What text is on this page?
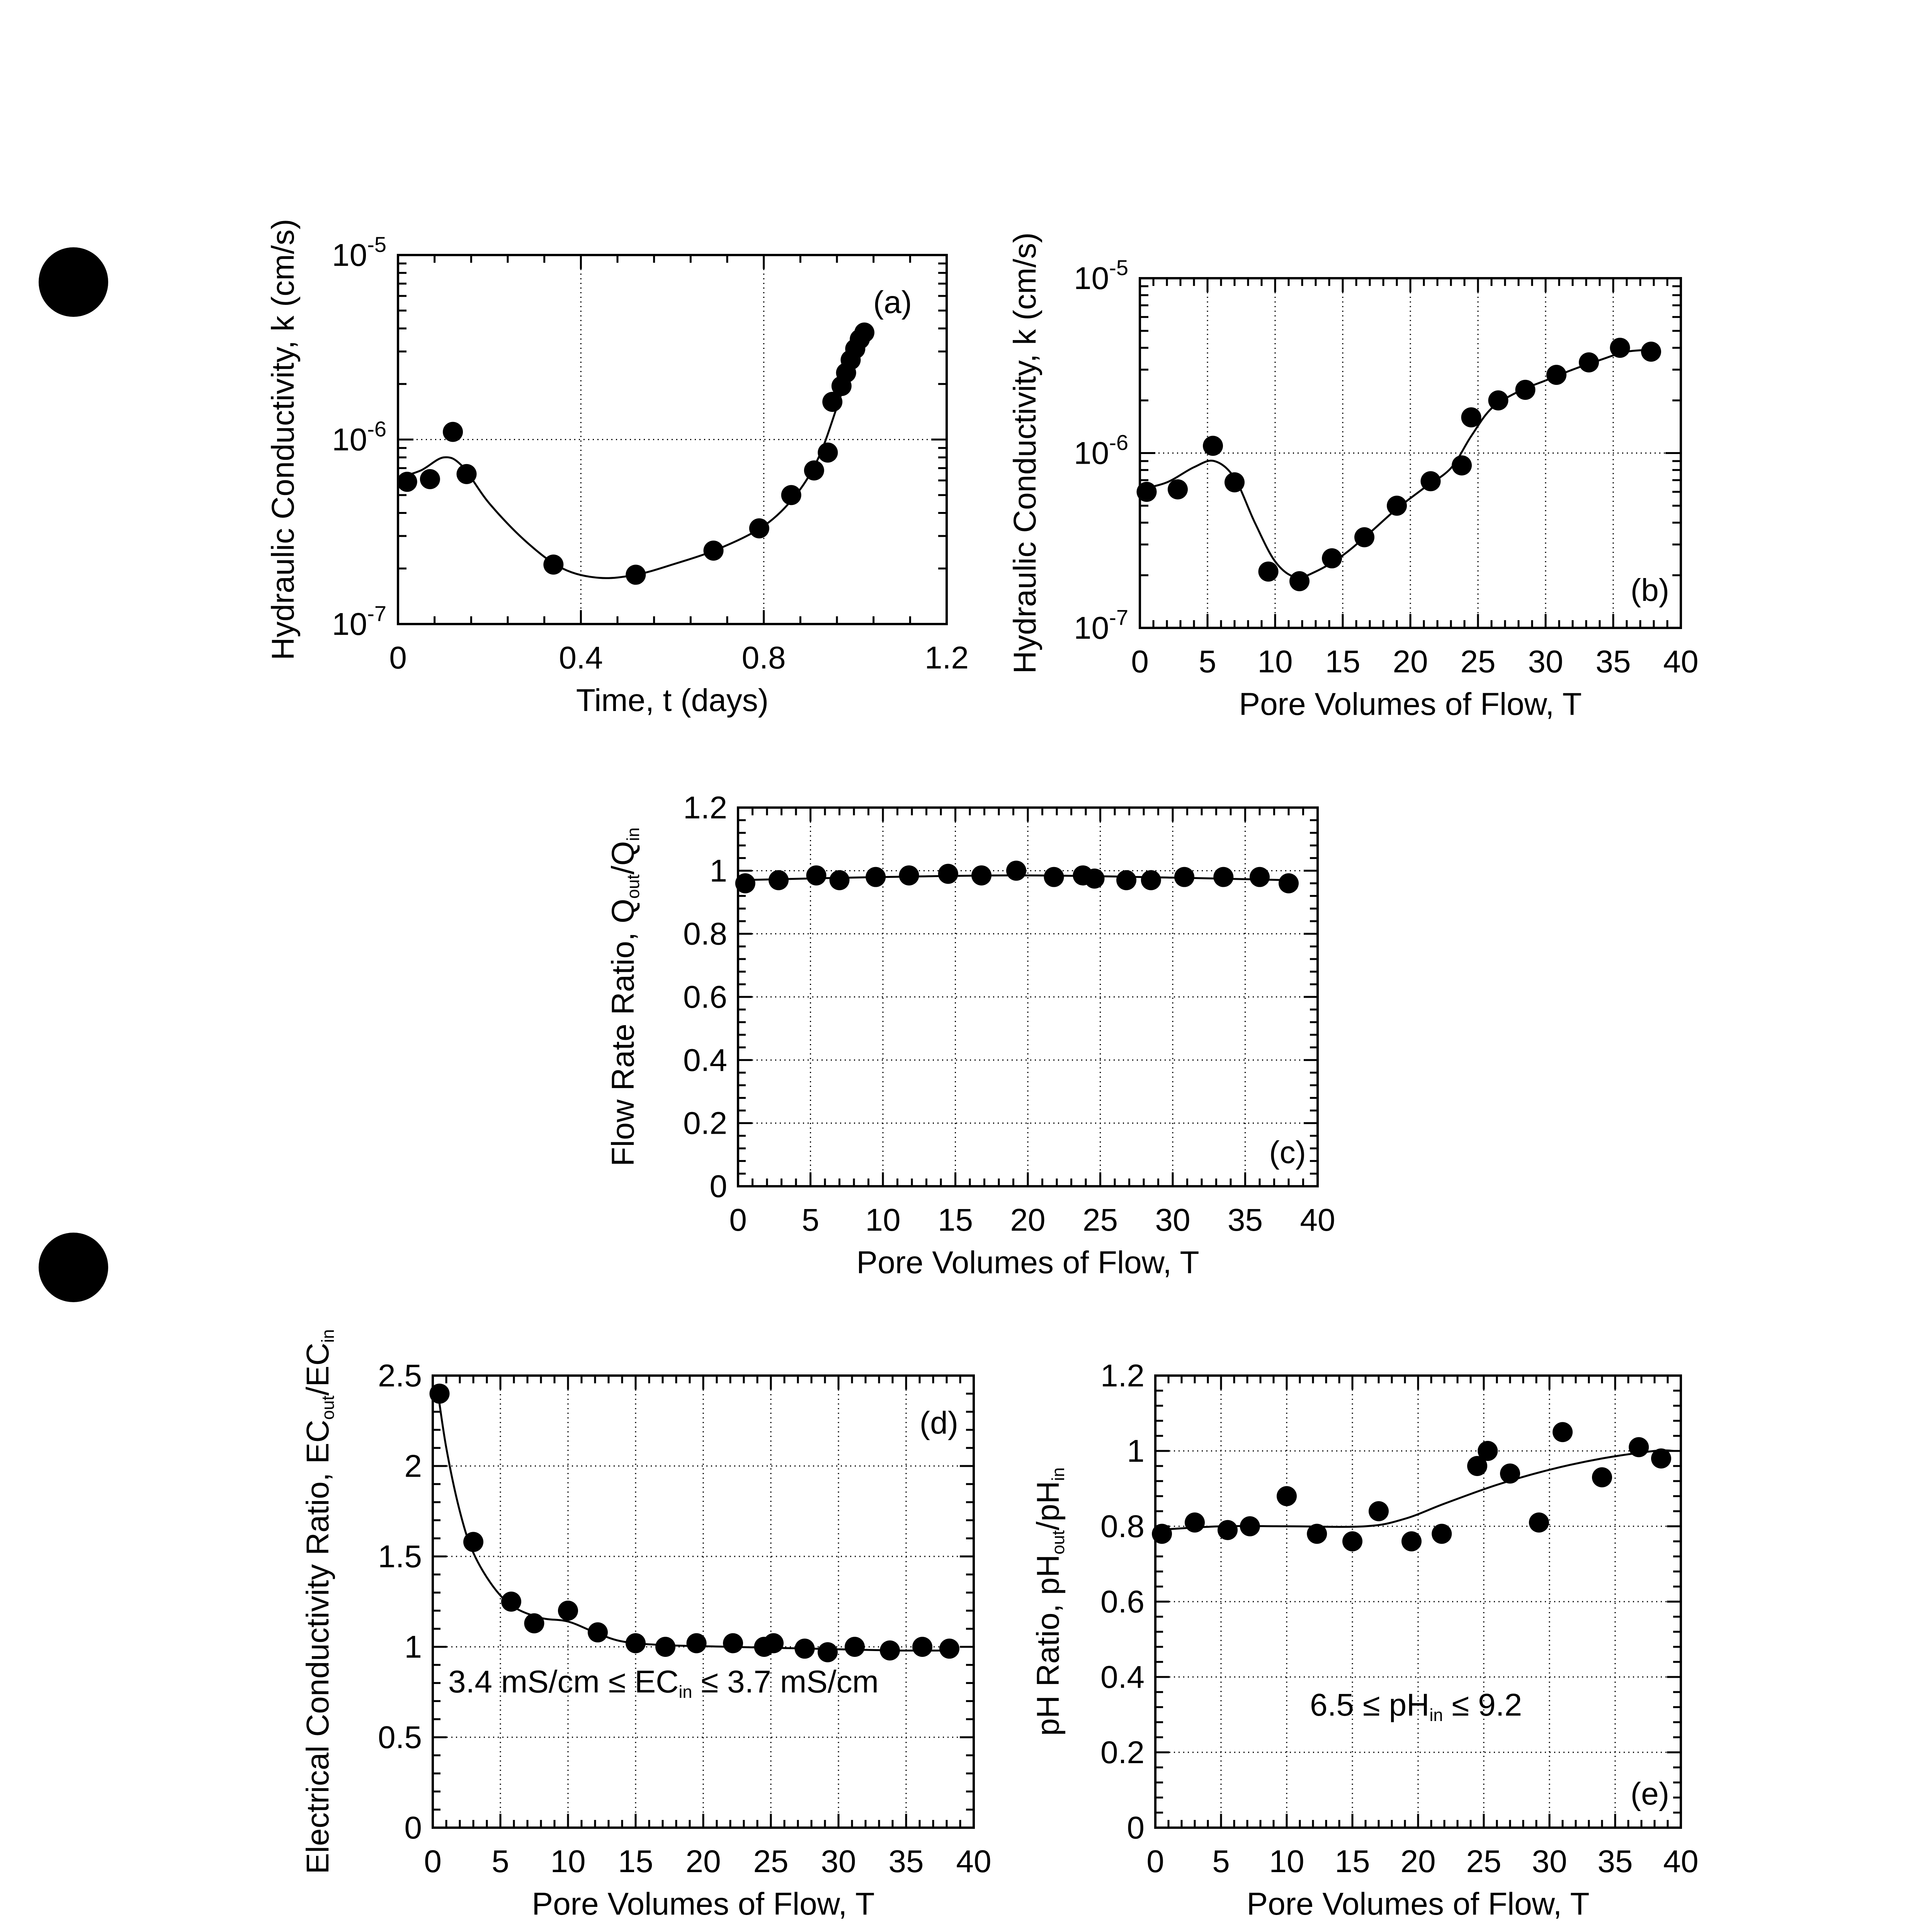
0	0.4	0.8	1.2
$10^{-7}$
$10^{-6}$
$10^{-5}$
Time, t (days)
Hydraulic Conductivity, k (cm/s)	(a)
0 5 10 15 20 25 30 35 40
$10^{-7}$
$10^{-6}$
$10^{-5}$
Pore Volumes of Flow, T
Hydraulic Conductivity, k (cm/s)	(b)
0 5 10 15 20 25 30 35 40
0
0.2
0.4
0.6
0.8
1
1.2
Pore Volumes of Flow, T
Flow Rate Ratio, Qout/Qin
(c)
0 5 10 15 20 25 30 35 40
0
0.5
1
1.5
2
2.5
Pore Volumes of Flow, T
Electrical Conductivity Ratio, ECout/ECin
(d)
3.4 mS/cm ≤ ECin ≤ 3.7 mS/cm
0 5 10 15 20 25 30 35 40
0
0.2
0.4
0.6
0.8
1
1.2
Pore Volumes of Flow, T
pH Ratio, pHout/pHin
(e)
6.5 ≤ pHin ≤ 9.2
